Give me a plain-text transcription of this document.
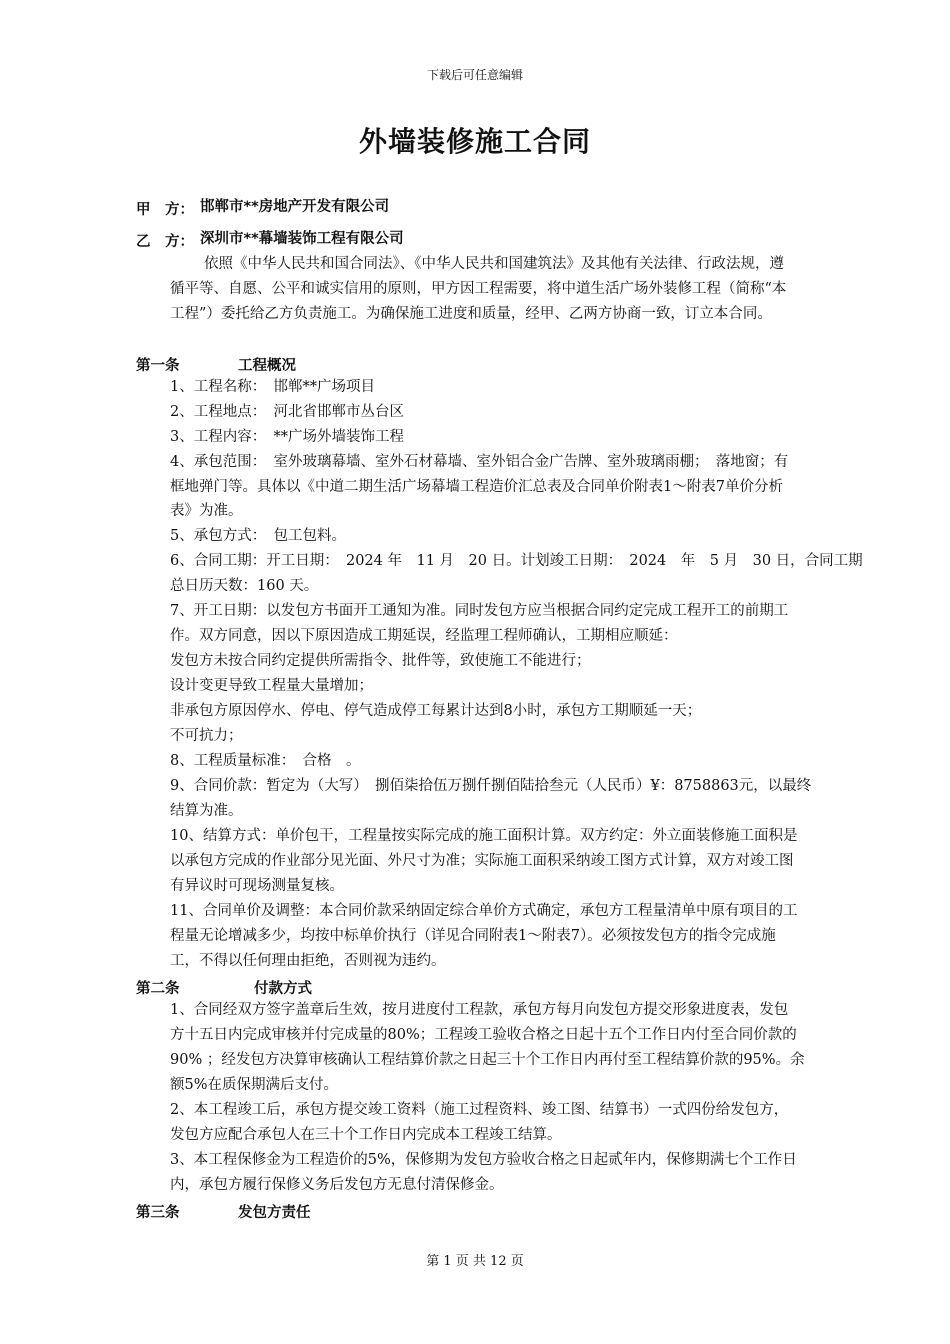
下载后可任意编辑
外墙装修施工合同
甲　方： 邯郸市**房地产开发有限公司
乙　方： 深圳市**幕墙装饰工程有限公司
依照《中华人民共和国合同法》、《中华人民共和国建筑法》及其他有关法律、行政法规，遵
循平等、自愿、公平和诚实信用的原则，甲方因工程需要，将中道生活广场外装修工程（简称“本
工程”）委托给乙方负责施工。为确保施工进度和质量，经甲、乙两方协商一致，订立本合同。
第一条	工程概况
1、工程名称：　邯郸**广场项目
2、工程地点：　河北省邯郸市丛台区
3、工程内容：　**广场外墙装饰工程
4、承包范围：　室外玻璃幕墙、室外石材幕墙、室外铝合金广告牌、室外玻璃雨棚；　落地窗；有
框地弹门等。具体以《中道二期生活广场幕墙工程造价汇总表及合同单价附表1～附表7单价分析
表》为准。
5、承包方式：　包工包料。
6、合同工期：开工日期：　2024 年　11 月　20 日。计划竣工日期：　2024　年　5 月　30 日，合同工期
总日历天数：160 天。
7、开工日期：以发包方书面开工通知为准。同时发包方应当根据合同约定完成工程开工的前期工
作。双方同意，因以下原因造成工期延误，经监理工程师确认，工期相应顺延：
发包方未按合同约定提供所需指令、批件等，致使施工不能进行；
设计变更导致工程量大量增加；
非承包方原因停水、停电、停气造成停工每累计达到8小时，承包方工期顺延一天；
不可抗力；
8、工程质量标准：　合格　。
9、合同价款：暂定为（大写）　捌佰柒拾伍万捌仟捌佰陆拾叁元（人民币）¥：8758863元，以最终
结算为准。
10、结算方式：单价包干，工程量按实际完成的施工面积计算。双方约定：外立面装修施工面积是
以承包方完成的作业部分见光面、外尺寸为准；实际施工面积采纳竣工图方式计算，双方对竣工图
有异议时可现场测量复核。
11、合同单价及调整：本合同价款采纳固定综合单价方式确定，承包方工程量清单中原有项目的工
程量无论增减多少，均按中标单价执行（详见合同附表1～附表7）。必须按发包方的指令完成施
工，不得以任何理由拒绝，否则视为违约。
第二条	付款方式
1、合同经双方签字盖章后生效，按月进度付工程款，承包方每月向发包方提交形象进度表，发包
方十五日内完成审核并付完成量的80%；工程竣工验收合格之日起十五个工作日内付至合同价款的
90% ；经发包方决算审核确认工程结算价款之日起三十个工作日内再付至工程结算价款的95%。余
额5%在质保期满后支付。
2、本工程竣工后，承包方提交竣工资料（施工过程资料、竣工图、结算书）一式四份给发包方，
发包方应配合承包人在三十个工作日内完成本工程竣工结算。
3、本工程保修金为工程造价的5%，保修期为发包方验收合格之日起贰年内，保修期满七个工作日
内，承包方履行保修义务后发包方无息付清保修金。
第三条	发包方责任
第 1 页 共 12 页
